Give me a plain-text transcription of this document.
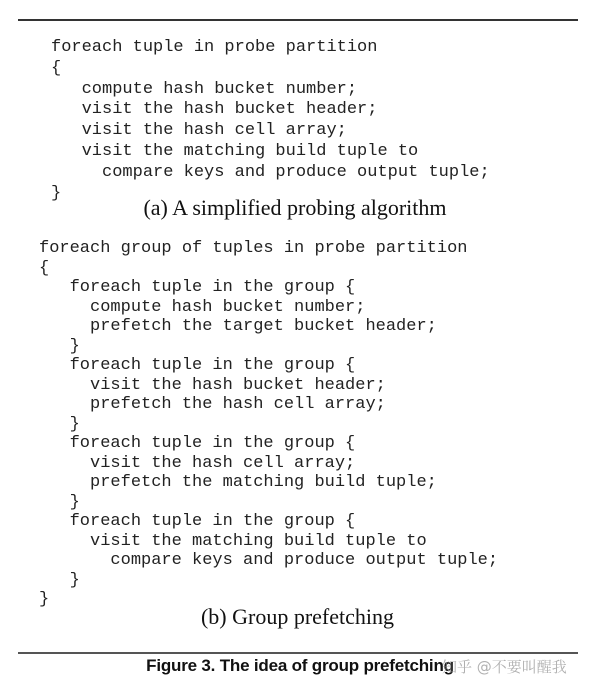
foreach tuple in probe partition
{
compute hash bucket number;
visit the hash bucket header;
visit the hash cell array;
visit the matching build tuple to
compare keys and produce output tuple;
}
(a) A simplified probing algorithm
foreach group of tuples in probe partition
{
foreach tuple in the group {
compute hash bucket number;
prefetch the target bucket header;
}
foreach tuple in the group {
visit the hash bucket header;
prefetch the hash cell array;
}
foreach tuple in the group {
visit the hash cell array;
prefetch the matching build tuple;
}
foreach tuple in the group {
visit the matching build tuple to
compare keys and produce output tuple;
}
}
(b) Group prefetching
Figure 3. The idea of group prefetching
知乎 @不要叫醒我
